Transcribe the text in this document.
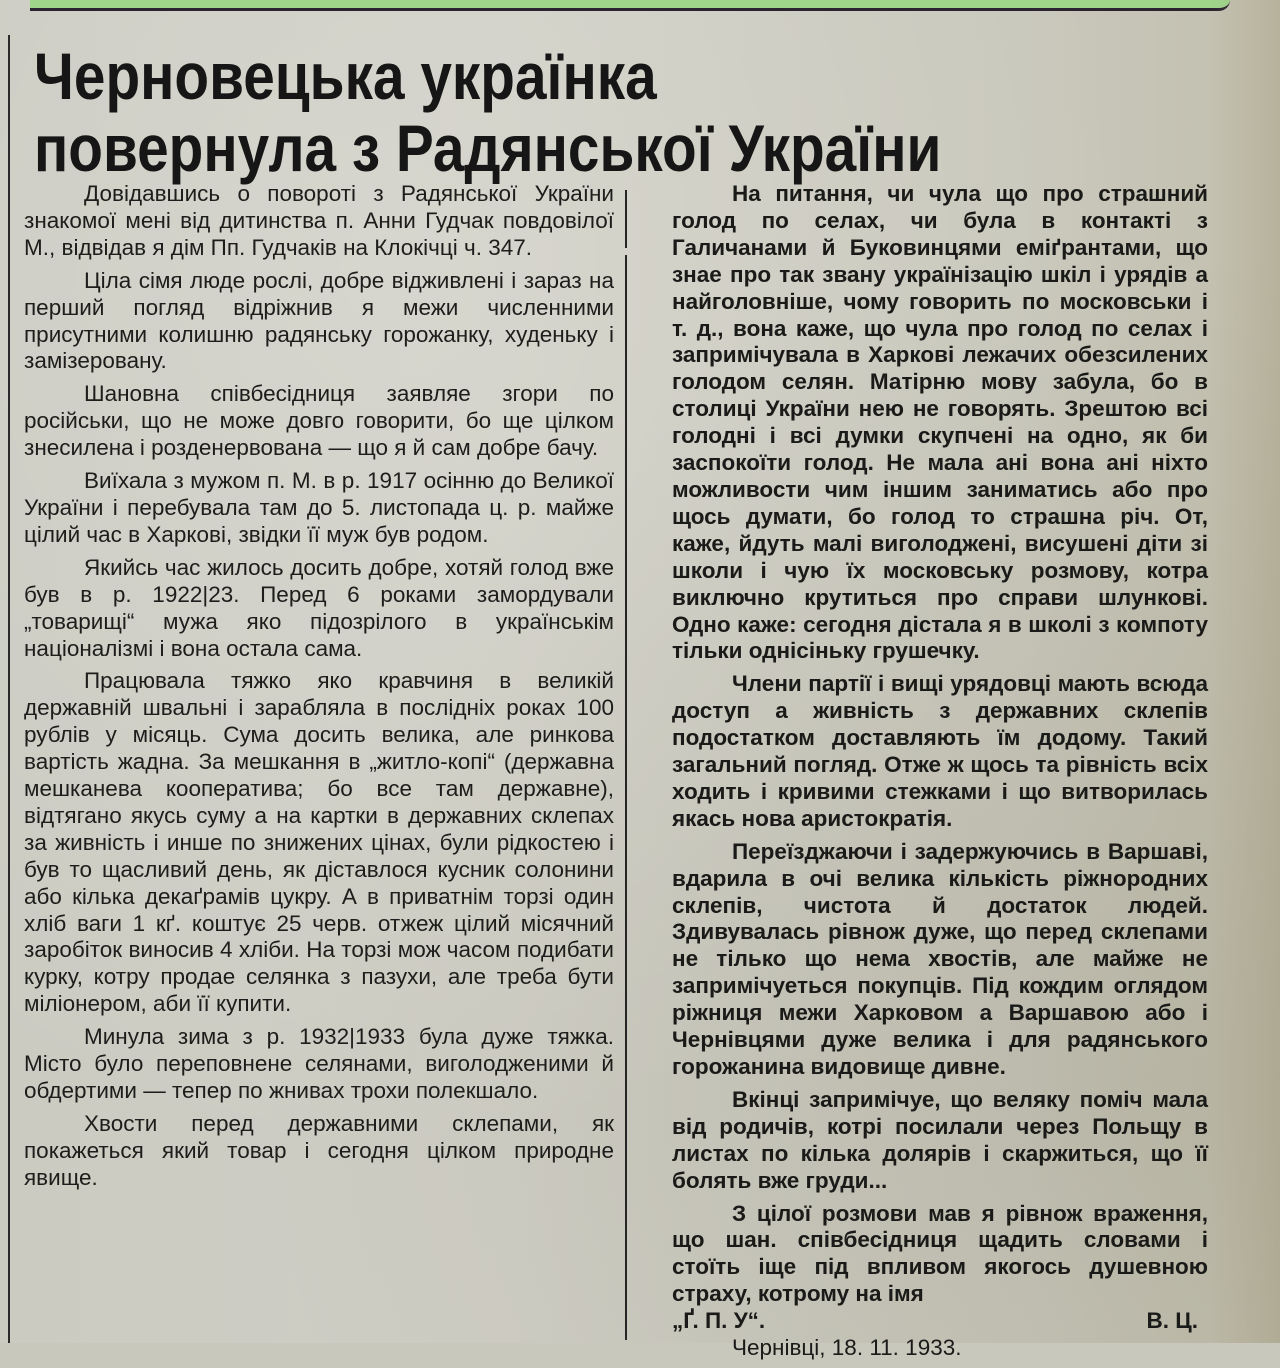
Черновецька українка
повернула з Радянської України

Довідавшись о повороті з Радянської України знакомої мені від дитинства п. Анни Гудчак повдовілої М., відвідав я дім Пп. Гудчаків на Клокічці ч. 347.

Ціла сімя люде рослі, добре відживлені і зараз на перший погляд відріжнив я межи численними присутними колишню радянську горожанку, худеньку і замізеровану.

Шановна співбесідниця заявляе згори по російськи, що не може довго говорити, бо ще цілком знесилена і розденервована — що я й сам добре бачу.

Виїхала з мужом п. М. в р. 1917 осінню до Великої України і перебувала там до 5. листопада ц. р. майже цілий час в Харкові, звідки її муж був родом.

Якийсь час жилось досить добре, хотяй голод вже був в р. 1922|23. Перед 6 роками замордували „товарищі“ мужа яко підозрілого в українськім націоналізмі і вона остала сама.

Працювала тяжко яко кравчиня в великій державній швальні і зарабляла в послідніх роках 100 рублів у місяць. Сума досить велика, але ринкова вартість жадна. За мешкання в „житло-копі“ (державна мешканева кооператива; бо все там державне), відтягано якусь суму а на картки в державних склепах за живність і инше по знижених цінах, були рідкостею і був то щасливий день, як діставлося кусник солонини або кілька декаґрамів цукру. А в приватнім торзі один хліб ваги 1 кґ. коштує 25 черв. отжеж цілий місячний заробіток виносив 4 хліби. На торзі мож часом подибати курку, котру продае селянка з пазухи, але треба бути міліонером, аби її купити.

Минула зима з р. 1932|1933 була дуже тяжка. Місто було переповнене селянами, виголодженими й обдертими — тепер по жнивах трохи полекшало.

Хвости перед державними склепами, як покажеться який товар і сегодня цілком природне явище.

На питання, чи чула що про страшний голод по селах, чи була в контакті з Галичанами й Буковинцями еміґрантами, що знае про так звану українізацію шкіл і урядів а найголовніше, чому говорить по московськи і т. д., вона каже, що чула про голод по селах і запримічувала в Харкові лежачих обезсилених голодом селян. Матірню мову забула, бо в столиці України нею не говорять. Зрештою всі голодні і всі думки скупчені на одно, як би заспокоїти голод. Не мала ані вона ані ніхто можливости чим іншим заниматись або про щось думати, бо голод то страшна річ. От, каже, йдуть малі виголоджені, висушені діти зі школи і чую їх московську розмову, котра виключно крутиться про справи шлункові. Одно каже: сегодня дістала я в школі з компоту тільки однісіньку грушечку.

Члени партії і вищі урядовці мають всюда доступ а живність з державних склепів подостатком доставляють їм додому. Такий загальний погляд. Отже ж щось та рівність всіх ходить і кривими стежками і що витворилась якась нова аристократія.

Переїзджаючи і задержуючись в Варшаві, вдарила в очі велика кількість ріжнородних склепів, чистота й достаток людей. Здивувалась рівнож дуже, що перед склепами не тілько що нема хвостів, але майже не запримічуеться покупців. Під кождим оглядом ріжниця межи Харковом а Варшавою або і Чернівцями дуже велика і для радянського горожанина видовище дивне.

Вкінці запримічуе, що веляку поміч мала від родичів, котрі посилали через Польщу в листах по кілька долярів і скаржиться, що її болять вже груди...

З цілої розмови мав я рівнож враження, що шан. співбесідниця щадить словами і стоїть іще під впливом якогось душевною страху, котрому на імя

„Ґ. П. У“.	В. Ц.

Чернівці, 18. 11. 1933.
